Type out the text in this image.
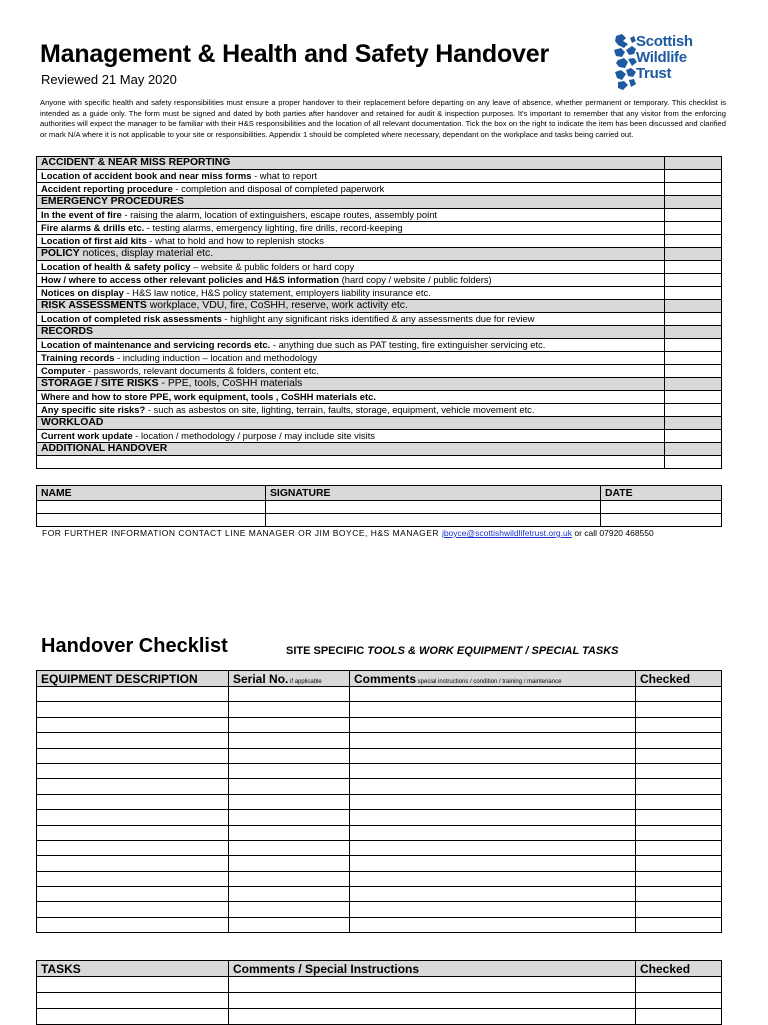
Management & Health and Safety Handover
Reviewed 21 May 2020
Scottish
Wildlife
Trust
Anyone with specific health and safety responsibilities must ensure a proper handover to their replacement before departing on any leave of absence, whether permanent or temporary. This checklist is intended as a guide only. The form must be signed and dated by both parties after handover and retained for audit & inspection purposes. It's important to remember that any visitor from the enforcing authorities will expect the manager to be familiar with their H&S responsibilities and the location of all relevant documentation. Tick the box on the right to indicate the item has been discussed and clarified or mark N/A where it is not applicable to your site or responsibilities. Appendix 1 should be completed where necessary, dependant on the workplace and tasks being carried out.
ACCIDENT & NEAR MISS REPORTING	
Location of accident book and near miss forms - what to report	
Accident reporting procedure - completion and disposal of completed paperwork	
EMERGENCY PROCEDURES	
In the event of fire - raising the alarm, location of extinguishers, escape routes, assembly point	
Fire alarms & drills etc. - testing alarms, emergency lighting, fire drills, record-keeping	
Location of first aid kits - what to hold and how to replenish stocks	
POLICY notices, display material etc.	
Location of health & safety policy – website & public folders or hard copy	
How / where to access other relevant policies and H&S information (hard copy / website / public folders)	
Notices on display - H&S law notice, H&S policy statement, employers liability insurance etc.	
RISK ASSESSMENTS workplace, VDU, fire, CoSHH, reserve, work activity etc.	
Location of completed risk assessments - highlight any significant risks identified & any assessments due for review	
RECORDS	
Location of maintenance and servicing records etc. - anything due such as PAT testing, fire extinguisher servicing etc.	
Training records - including induction – location and methodology	
Computer - passwords, relevant documents & folders, content etc.	
STORAGE / SITE RISKS - PPE, tools, CoSHH materials	
Where and how to store PPE, work equipment, tools , CoSHH materials etc.	
Any specific site risks? - such as asbestos on site, lighting, terrain, faults, storage, equipment, vehicle movement etc.	
WORKLOAD	
Current work update - location / methodology / purpose / may include site visits	
ADDITIONAL HANDOVER	

NAME	SIGNATURE	DATE

FOR FURTHER INFORMATION CONTACT LINE MANAGER OR JIM BOYCE, H&S MANAGER jboyce@scottishwildlifetrust.org.uk or call 07920 468550
Handover Checklist	SITE SPECIFIC TOOLS & WORK EQUIPMENT / SPECIAL TASKS
EQUIPMENT DESCRIPTION	Serial No. if applicable	Comments special instructions / condition / training / maintenance	Checked

TASKS	Comments / Special Instructions	Checked
